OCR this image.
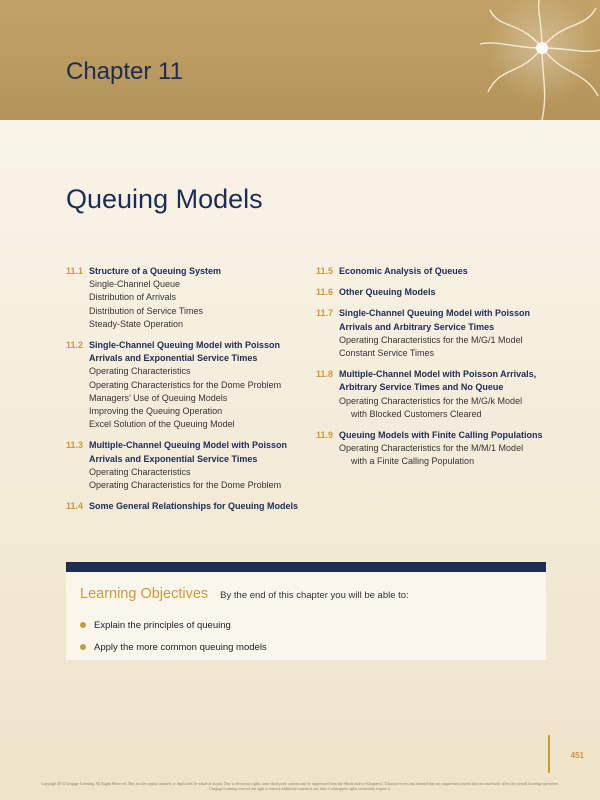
Chapter 11
Queuing Models
11.1 Structure of a Queuing System
Single-Channel Queue
Distribution of Arrivals
Distribution of Service Times
Steady-State Operation
11.2 Single-Channel Queuing Model with Poisson Arrivals and Exponential Service Times
Operating Characteristics
Operating Characteristics for the Dome Problem
Managers’ Use of Queuing Models
Improving the Queuing Operation
Excel Solution of the Queuing Model
11.3 Multiple-Channel Queuing Model with Poisson Arrivals and Exponential Service Times
Operating Characteristics
Operating Characteristics for the Dome Problem
11.4 Some General Relationships for Queuing Models
11.5 Economic Analysis of Queues
11.6 Other Queuing Models
11.7 Single-Channel Queuing Model with Poisson Arrivals and Arbitrary Service Times
Operating Characteristics for the M/G/1 Model
Constant Service Times
11.8 Multiple-Channel Model with Poisson Arrivals, Arbitrary Service Times and No Queue
Operating Characteristics for the M/G/k Model
with Blocked Customers Cleared
11.9 Queuing Models with Finite Calling Populations
Operating Characteristics for the M/M/1 Model
with a Finite Calling Population
Learning Objectives By the end of this chapter you will be able to:
Explain the principles of queuing
Apply the more common queuing models
451
Copyright 2014 Cengage Learning. All Rights Reserved. May not be copied, scanned, or duplicated, in whole or in part. Due to electronic rights, some third party content may be suppressed from the eBook and/or eChapter(s). Editorial review has deemed that any suppressed content does not materially affect the overall learning experience. Cengage Learning reserves the right to remove additional content at any time if subsequent rights restrictions require it.
